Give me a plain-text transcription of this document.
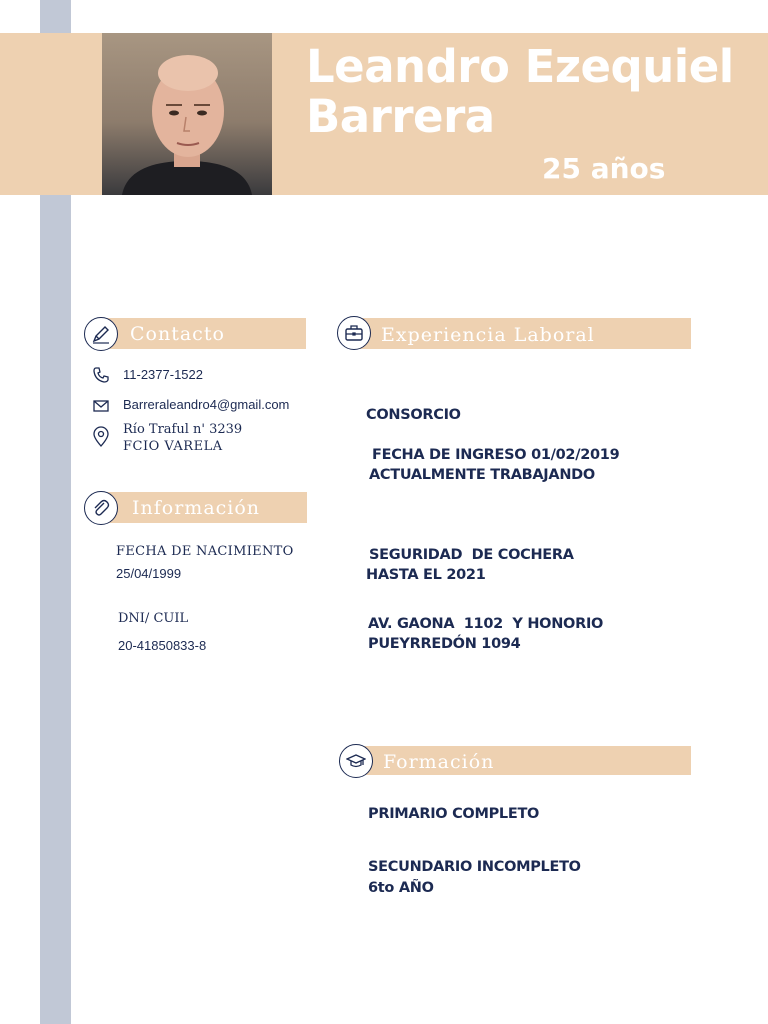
Leandro Ezequiel
Barrera
25 años
Contacto
11-2377-1522
Barreraleandro4@gmail.com
Río Traful n' 3239
FCIO VARELA
Información
FECHA DE NACIMIENTO
25/04/1999
DNI/ CUIL
20-41850833-8
Experiencia Laboral
CONSORCIO
FECHA DE INGRESO 01/02/2019
ACTUALMENTE TRABAJANDO
SEGURIDAD  DE COCHERA
HASTA EL 2021
AV. GAONA  1102  Y HONORIO
PUEYRREDÓN 1094
Formación
PRIMARIO COMPLETO
SECUNDARIO INCOMPLETO
6to AÑO
